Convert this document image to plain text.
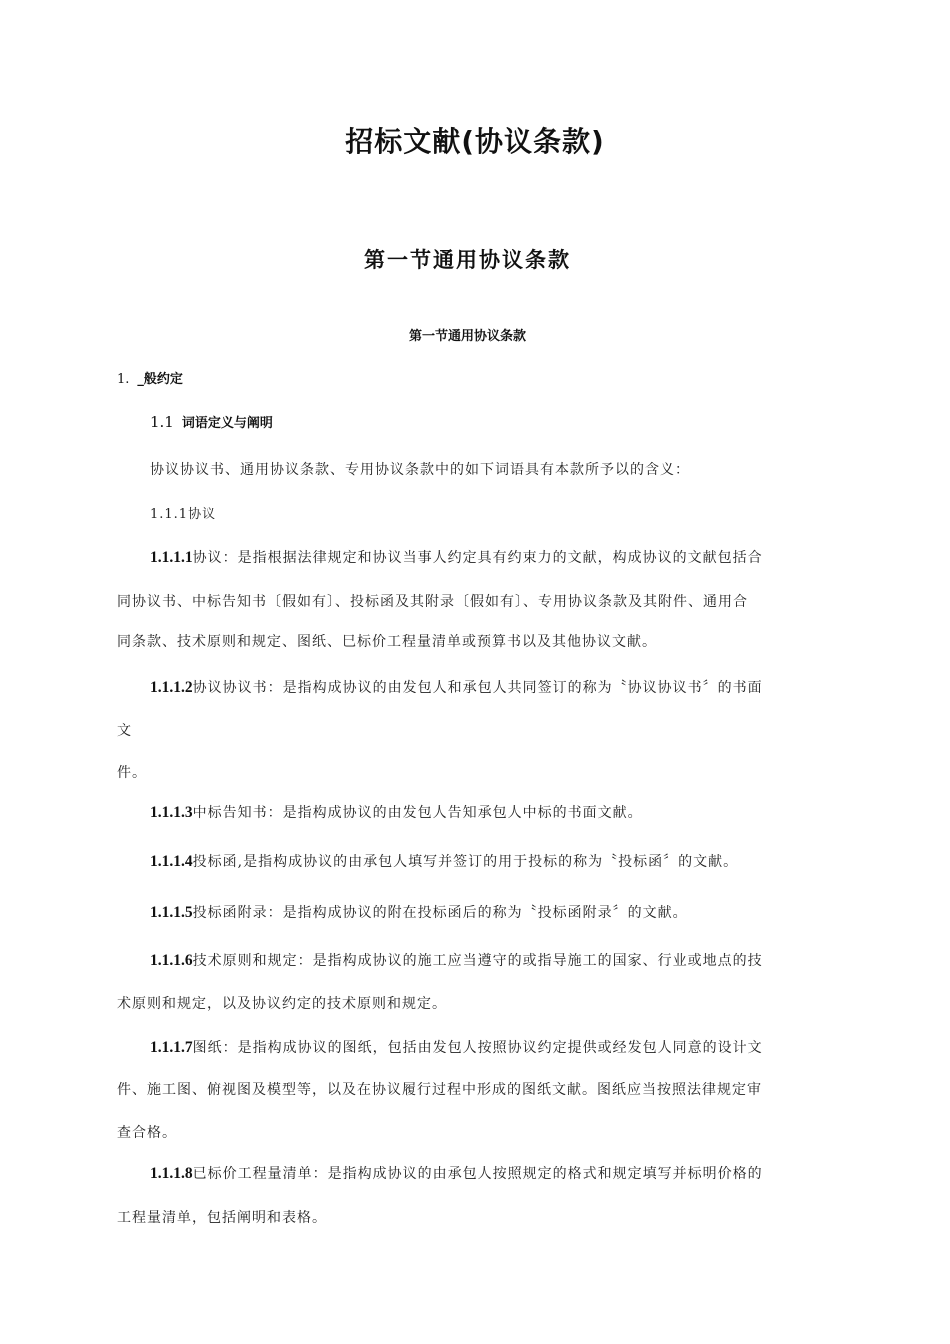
招标文献(协议条款)
第一节通用协议条款
第一节通用协议条款
1. _般约定
1.1 词语定义与阐明
协议协议书、通用协议条款、专用协议条款中的如下词语具有本款所予以的含义：
1.1.1协议
1.1.1.1协议：是指根据法律规定和协议当事人约定具有约束力的文献，构成协议的文献包括合
同协议书、中标告知书〔假如有〕、投标函及其附录〔假如有〕、专用协议条款及其附件、通用合
同条款、技术原则和规定、图纸、巳标价工程量清单或预算书以及其他协议文献。
1.1.1.2协议协议书：是指构成协议的由发包人和承包人共同签订的称为〝协议协议书〞的书面
文
件。
1.1.1.3中标告知书：是指构成协议的由发包人告知承包人中标的书面文献。
1.1.1.4投标函,是指构成协议的由承包人填写并签订的用于投标的称为〝投标函〞的文献。
1.1.1.5投标函附录：是指构成协议的附在投标函后的称为〝投标函附录〞的文献。
1.1.1.6技术原则和规定：是指构成协议的施工应当遵守的或指导施工的国家、行业或地点的技
术原则和规定，以及协议约定的技术原则和规定。
1.1.1.7图纸：是指构成协议的图纸，包括由发包人按照协议约定提供或经发包人同意的设计文
件、施工图、俯视图及模型等，以及在协议履行过程中形成的图纸文献。图纸应当按照法律规定审
查合格。
1.1.1.8已标价工程量清单：是指构成协议的由承包人按照规定的格式和规定填写并标明价格的
工程量清单，包括阐明和表格。
